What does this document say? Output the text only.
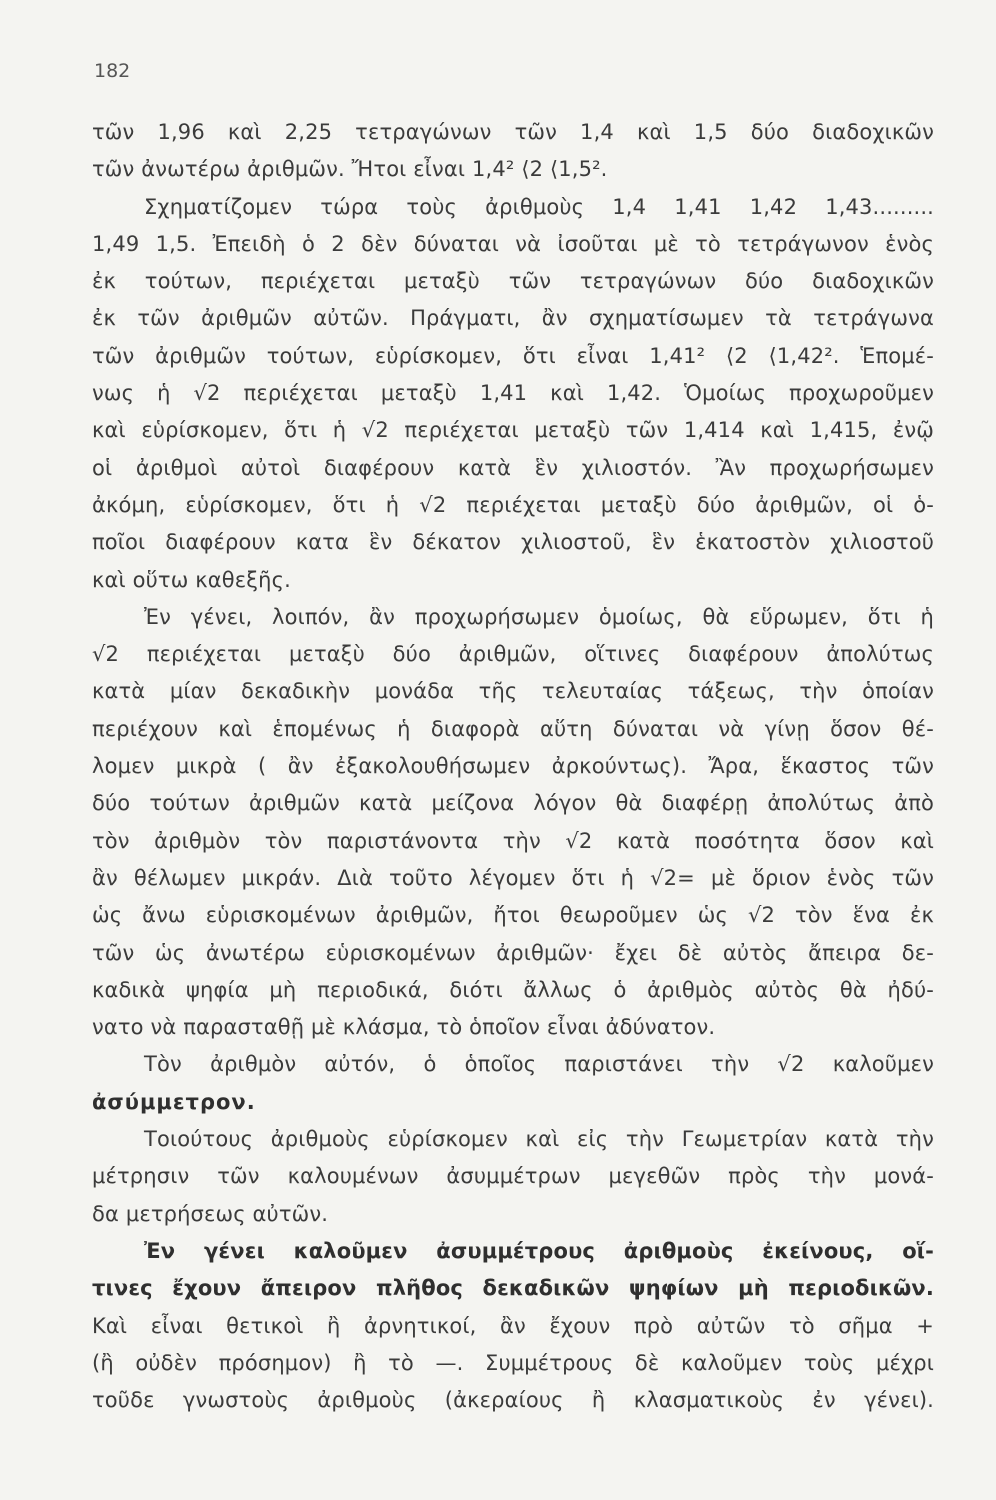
182
τῶν 1,96 καὶ 2,25 τετραγώνων τῶν 1,4 καὶ 1,5 δύο διαδοχικῶν
τῶν ἀνωτέρω ἀριθμῶν. Ἤτοι εἶναι 1,4² ⟨2 ⟨1,5².
Σχηματίζομεν τώρα τοὺς ἀριθμοὺς 1,4 1,41 1,42 1,43.........
1,49 1,5. Ἐπειδὴ ὁ 2 δὲν δύναται νὰ ἰσοῦται μὲ τὸ τετράγωνον ἑνὸς
ἐκ τούτων, περιέχεται μεταξὺ τῶν τετραγώνων δύο διαδοχικῶν
ἐκ τῶν ἀριθμῶν αὐτῶν. Πράγματι, ἂν σχηματίσωμεν τὰ τετράγωνα
τῶν ἀριθμῶν τούτων, εὑρίσκομεν, ὅτι εἶναι 1,41² ⟨2 ⟨1,42². Ἑπομέ-
νως ἡ √2 περιέχεται μεταξὺ 1,41 καὶ 1,42. Ὁμοίως προχωροῦμεν
καὶ εὑρίσκομεν, ὅτι ἡ √2 περιέχεται μεταξὺ τῶν 1,414 καὶ 1,415, ἐνῷ
οἱ ἀριθμοὶ αὐτοὶ διαφέρουν κατὰ ἓν χιλιοστόν. Ἂν προχωρήσωμεν
ἀκόμη, εὑρίσκομεν, ὅτι ἡ √2 περιέχεται μεταξὺ δύο ἀριθμῶν, οἱ ὁ-
ποῖοι διαφέρουν κατα ἓν δέκατον χιλιοστοῦ, ἓν ἑκατοστὸν χιλιοστοῦ
καὶ οὕτω καθεξῆς.
Ἐν γένει, λοιπόν, ἂν προχωρήσωμεν ὁμοίως, θὰ εὕρωμεν, ὅτι ἡ
√2 περιέχεται μεταξὺ δύο ἀριθμῶν, οἵτινες διαφέρουν ἀπολύτως
κατὰ μίαν δεκαδικὴν μονάδα τῆς τελευταίας τάξεως, τὴν ὁποίαν
περιέχουν καὶ ἑπομένως ἡ διαφορὰ αὕτη δύναται νὰ γίνῃ ὅσον θέ-
λομεν μικρὰ ( ἂν ἐξακολουθήσωμεν ἀρκούντως). Ἄρα, ἕκαστος τῶν
δύο τούτων ἀριθμῶν κατὰ μείζονα λόγον θὰ διαφέρῃ ἀπολύτως ἀπὸ
τὸν ἀριθμὸν τὸν παριστάνοντα τὴν √2 κατὰ ποσότητα ὅσον καὶ
ἂν θέλωμεν μικράν. Διὰ τοῦτο λέγομεν ὅτι ἡ √2= μὲ ὅριον ἑνὸς τῶν
ὡς ἄνω εὑρισκομένων ἀριθμῶν, ἤτοι θεωροῦμεν ὡς √2 τὸν ἕνα ἐκ
τῶν ὡς ἀνωτέρω εὑρισκομένων ἀριθμῶν· ἔχει δὲ αὐτὸς ἄπειρα δε-
καδικὰ ψηφία μὴ περιοδικά, διότι ἄλλως ὁ ἀριθμὸς αὐτὸς θὰ ἠδύ-
νατο νὰ παρασταθῇ μὲ κλάσμα, τὸ ὁποῖον εἶναι ἀδύνατον.
Τὸν ἀριθμὸν αὐτόν, ὁ ὁποῖος παριστάνει τὴν √2 καλοῦμεν
ἀσύμμετρον.
Τοιούτους ἀριθμοὺς εὑρίσκομεν καὶ εἰς τὴν Γεωμετρίαν κατὰ τὴν
μέτρησιν τῶν καλουμένων ἀσυμμέτρων μεγεθῶν πρὸς τὴν μονά-
δα μετρήσεως αὐτῶν.
Ἐν γένει καλοῦμεν ἀσυμμέτρους ἀριθμοὺς ἐκείνους, οἵ-
τινες ἔχουν ἄπειρον πλῆθος δεκαδικῶν ψηφίων μὴ περιοδικῶν.
Καὶ εἶναι θετικοὶ ἢ ἀρνητικοί, ἂν ἔχουν πρὸ αὐτῶν τὸ σῆμα +
(ἢ οὐδὲν πρόσημον) ἢ τὸ —. Συμμέτρους δὲ καλοῦμεν τοὺς μέχρι
τοῦδε γνωστοὺς ἀριθμοὺς (ἀκεραίους ἢ κλασματικοὺς ἐν γένει).
